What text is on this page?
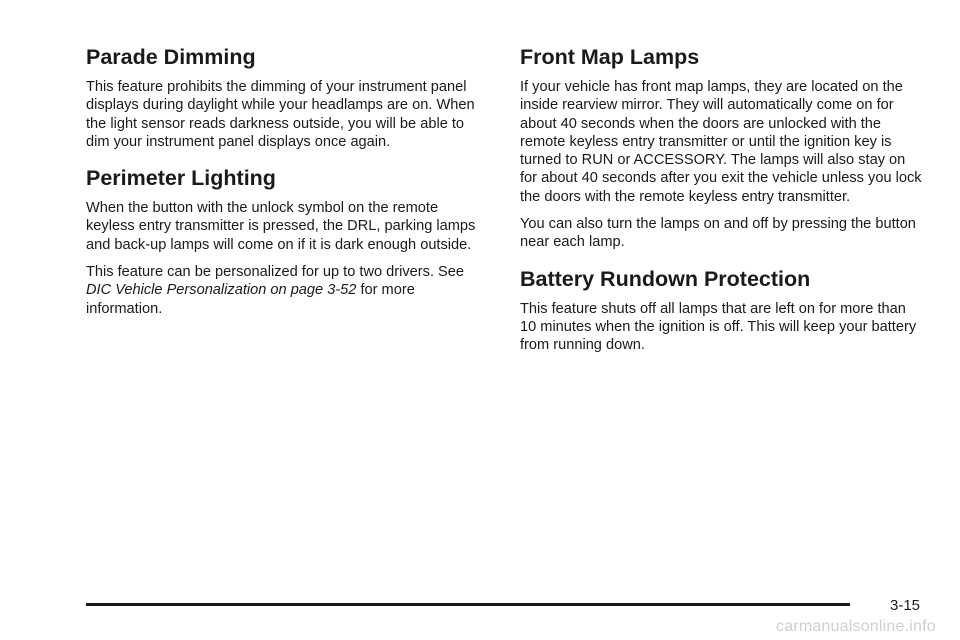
Parade Dimming

This feature prohibits the dimming of your instrument panel displays during daylight while your headlamps are on. When the light sensor reads darkness outside, you will be able to dim your instrument panel displays once again.

Perimeter Lighting

When the button with the unlock symbol on the remote keyless entry transmitter is pressed, the DRL, parking lamps and back-up lamps will come on if it is dark enough outside.

This feature can be personalized for up to two drivers. See DIC Vehicle Personalization on page 3-52 for more information.

Front Map Lamps

If your vehicle has front map lamps, they are located on the inside rearview mirror. They will automatically come on for about 40 seconds when the doors are unlocked with the remote keyless entry transmitter or until the ignition key is turned to RUN or ACCESSORY. The lamps will also stay on for about 40 seconds after you exit the vehicle unless you lock the doors with the remote keyless entry transmitter.

You can also turn the lamps on and off by pressing the button near each lamp.

Battery Rundown Protection

This feature shuts off all lamps that are left on for more than 10 minutes when the ignition is off. This will keep your battery from running down.

3-15
carmanualsonline.info
